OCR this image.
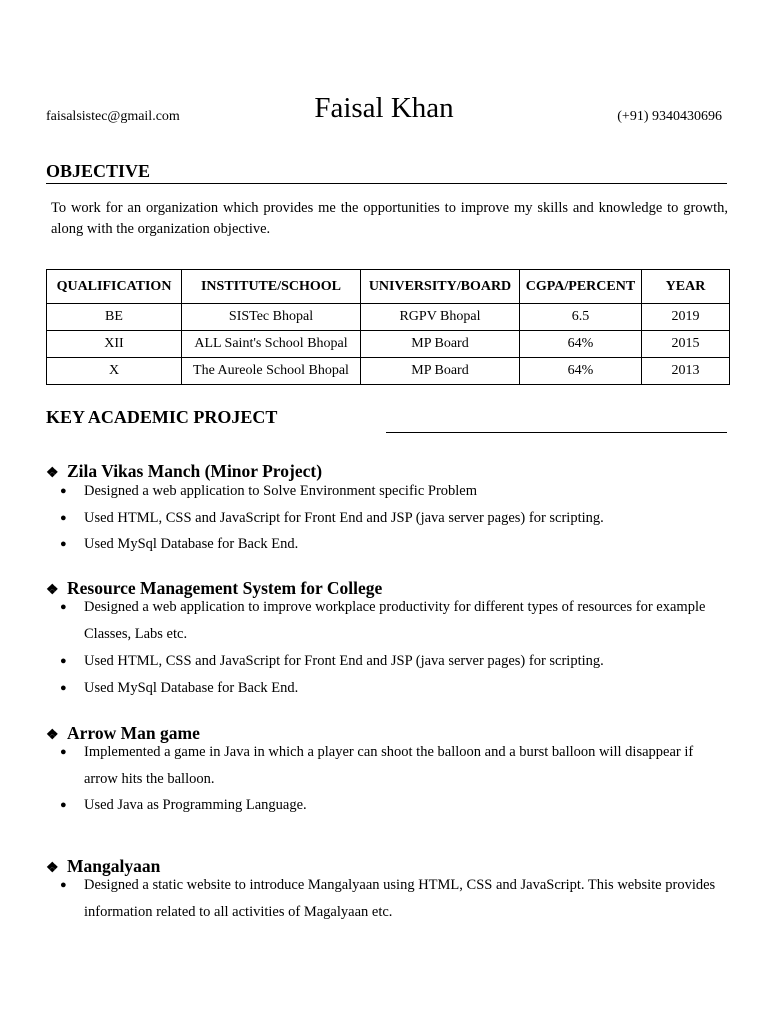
faisalsistec@gmail.com	Faisal Khan	(+91) 9340430696
OBJECTIVE
To work for an organization which provides me the opportunities to improve my skills and knowledge to growth, along with the organization objective.
QUALIFICATION	INSTITUTE/SCHOOL	UNIVERSITY/BOARD	CGPA/PERCENT	YEAR
BE	SISTec Bhopal	RGPV Bhopal	6.5	2019
XII	ALL Saint's School Bhopal	MP Board	64%	2015
X	The Aureole School Bhopal	MP Board	64%	2013
KEY ACADEMIC PROJECT
❖ Zila Vikas Manch (Minor Project)
● Designed a web application to Solve Environment specific Problem
● Used HTML, CSS and JavaScript for Front End and JSP (java server pages) for scripting.
● Used MySql Database for Back End.
❖ Resource Management System for College
● Designed a web application to improve workplace productivity for different types of resources for example Classes, Labs etc.
● Used HTML, CSS and JavaScript for Front End and JSP (java server pages) for scripting.
● Used MySql Database for Back End.
❖ Arrow Man game
● Implemented a game in Java in which a player can shoot the balloon and a burst balloon will disappear if arrow hits the balloon.
● Used Java as Programming Language.
❖ Mangalyaan
● Designed a static website to introduce Mangalyaan using HTML, CSS and JavaScript. This website provides information related to all activities of Magalyaan etc.
